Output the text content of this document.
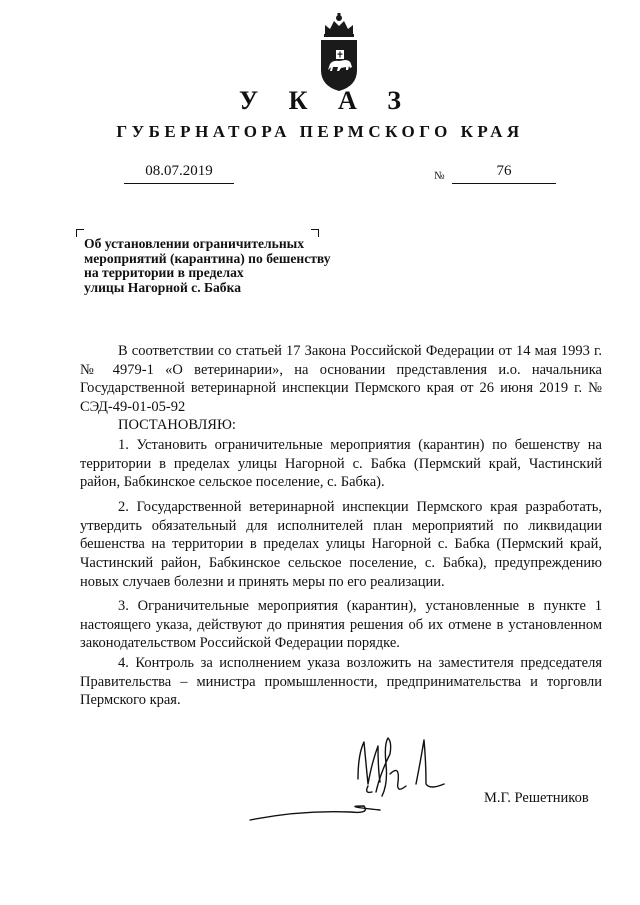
У К А З
ГУБЕРНАТОРА ПЕРМСКОГО КРАЯ
08.07.2019	№	76
Об установлении ограничительных
мероприятий (карантина) по бешенству
на территории в пределах
улицы Нагорной с. Бабка
В соответствии со статьей 17 Закона Российской Федерации от 14 мая 1993 г. № 4979-1 «О ветеринарии», на основании представления и.о. начальника Государственной ветеринарной инспекции Пермского края от 26 июня 2019 г. № СЭД-49-01-05-92
ПОСТАНОВЛЯЮ:
1. Установить ограничительные мероприятия (карантин) по бешенству на территории в пределах улицы Нагорной с. Бабка (Пермский край, Частинский район, Бабкинское сельское поселение, с. Бабка).
2. Государственной ветеринарной инспекции Пермского края разработать, утвердить обязательный для исполнителей план мероприятий по ликвидации бешенства на территории в пределах улицы Нагорной с. Бабка (Пермский край, Частинский район, Бабкинское сельское поселение, с. Бабка), предупреждению новых случаев болезни и принять меры по его реализации.
3. Ограничительные мероприятия (карантин), установленные в пункте 1 настоящего указа, действуют до принятия решения об их отмене в установленном законодательством Российской Федерации порядке.
4. Контроль за исполнением указа возложить на заместителя председателя Правительства – министра промышленности, предпринимательства и торговли Пермского края.
М.Г. Решетников
